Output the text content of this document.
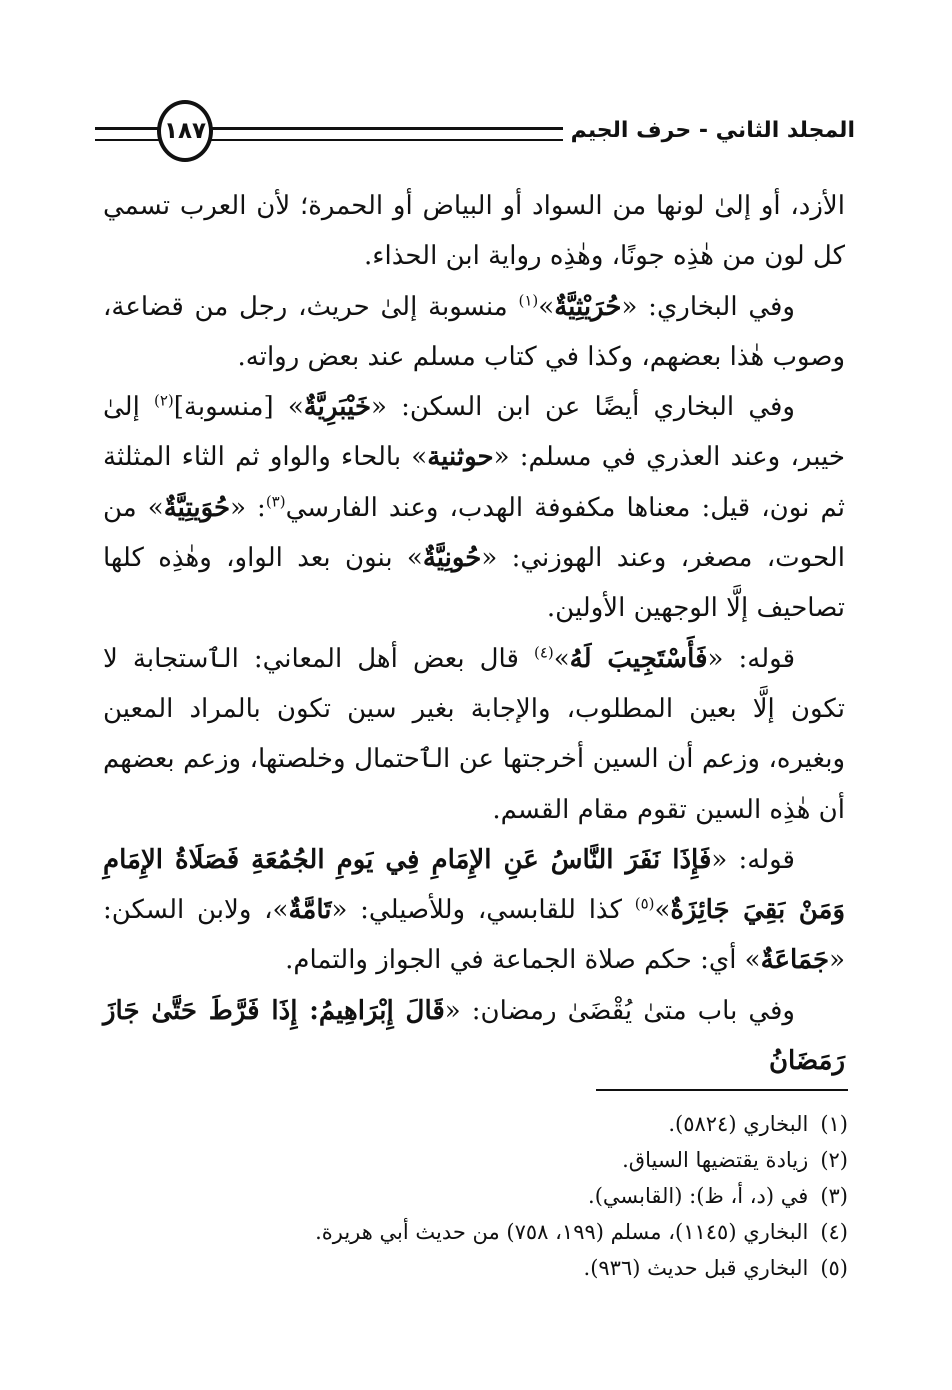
المجلد الثاني - حرف الجيم
١٨٧

الأزد، أو إلىٰ لونها من السواد أو البياض أو الحمرة؛ لأن العرب تسمي كل لون من هٰذِه جونًا، وهٰذِه رواية ابن الحذاء.

وفي البخاري: «حُرَيْثِيَّةٌ»$^{(١)}$ منسوبة إلىٰ حريث، رجل من قضاعة، وصوب هٰذا بعضهم، وكذا في كتاب مسلم عند بعض رواته.

وفي البخاري أيضًا عن ابن السكن: «خَيْبَرِيَّةٌ» [منسوبة]$^{(٢)}$ إلىٰ خيبر، وعند العذري في مسلم: «حوثنية» بالحاء والواو ثم الثاء المثلثة ثم نون، قيل: معناها مكفوفة الهدب، وعند الفارسي$^{(٣)}$: «حُوَيتِيَّةٌ» من الحوت، مصغر، وعند الهوزني: «حُونِيَّةٌ» بنون بعد الواو، وهٰذِه كلها تصاحيف إلَّا الوجهين الأولين.

قوله: «فَأَسْتَجِيبَ لَهُ»$^{(٤)}$ قال بعض أهل المعاني: الٱستجابة لا تكون إلَّا بعين المطلوب، والإجابة بغير سين تكون بالمراد المعين وبغيره، وزعم أن السين أخرجتها عن الٱحتمال وخلصتها، وزعم بعضهم أن هٰذِه السين تقوم مقام القسم.

قوله: «فَإِذَا نَفَرَ النَّاسُ عَنِ الإِمَامِ فِي يَومِ الجُمُعَةِ فَصَلَاةُ الإِمَامِ وَمَنْ بَقِيَ جَائِزَةٌ»$^{(٥)}$ كذا للقابسي، وللأصيلي: «تَامَّةٌ»، ولابن السكن: «جَمَاعَةٌ» أي: حكم صلاة الجماعة في الجواز والتمام.

وفي باب متىٰ يُقْضَىٰ رمضان: «قَالَ إِبْرَاهِيمُ: إِذَا فَرَّطَ حَتَّىٰ جَازَ رَمَضَانُ

(١)
البخاري (٥٨٢٤).
(٢)
زيادة يقتضيها السياق.
(٣)
في (د، أ، ظ): (القابسي).
(٤)
البخاري (١١٤٥)، مسلم (١٩٩، ٧٥٨) من حديث أبي هريرة.
(٥)
البخاري قبل حديث (٩٣٦).
